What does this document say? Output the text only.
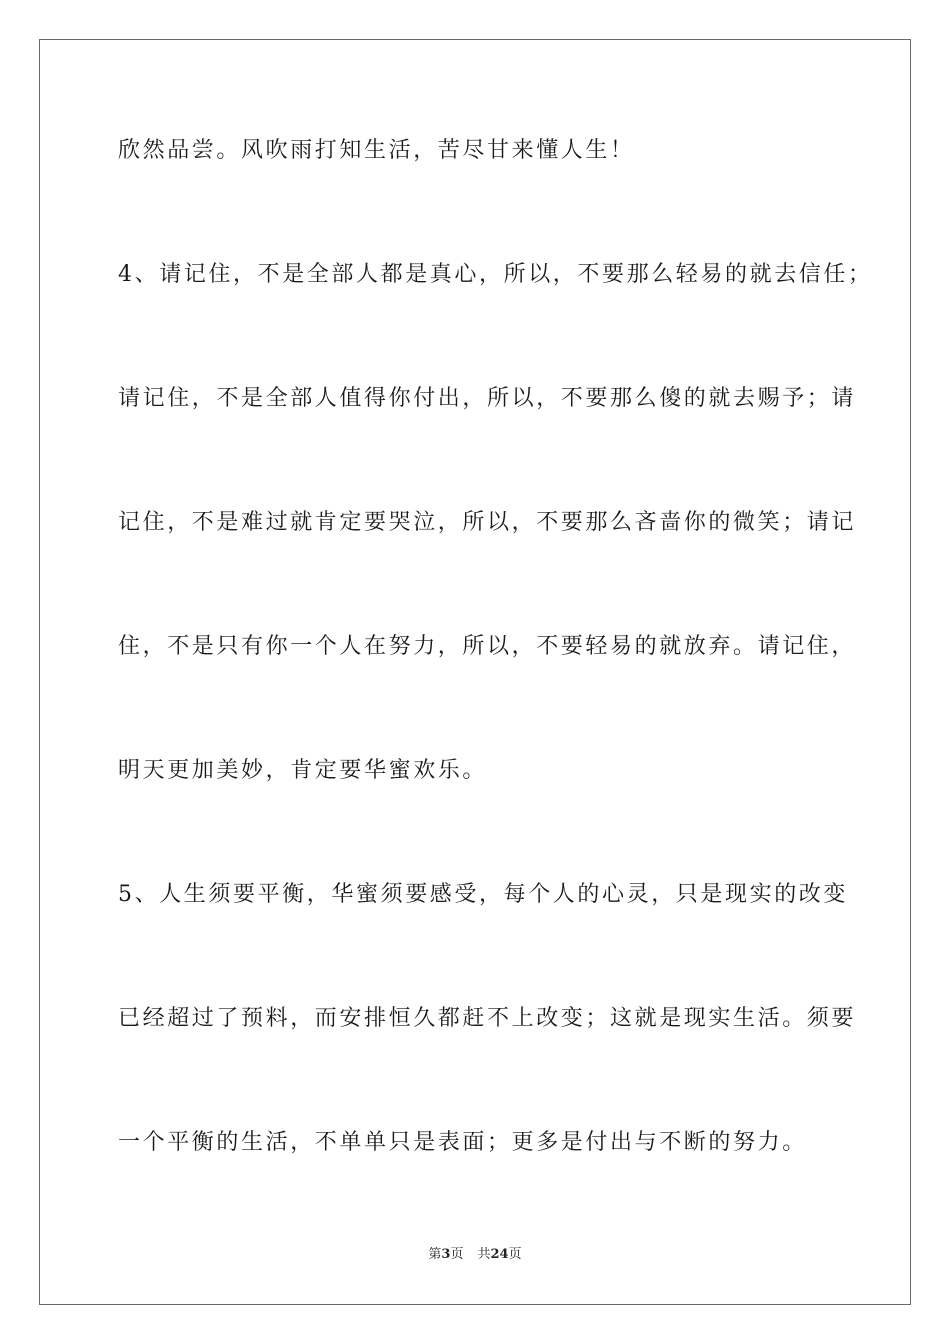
欣然品尝。风吹雨打知生活，苦尽甘来懂人生！
4、请记住，不是全部人都是真心，所以，不要那么轻易的就去信任；
请记住，不是全部人值得你付出，所以，不要那么傻的就去赐予；请
记住，不是难过就肯定要哭泣，所以，不要那么吝啬你的微笑；请记
住，不是只有你一个人在努力，所以，不要轻易的就放弃。请记住，
明天更加美妙，肯定要华蜜欢乐。
5、人生须要平衡，华蜜须要感受，每个人的心灵，只是现实的改变
已经超过了预料，而安排恒久都赶不上改变；这就是现实生活。须要
一个平衡的生活，不单单只是表面；更多是付出与不断的努力。
第3页 共24页
